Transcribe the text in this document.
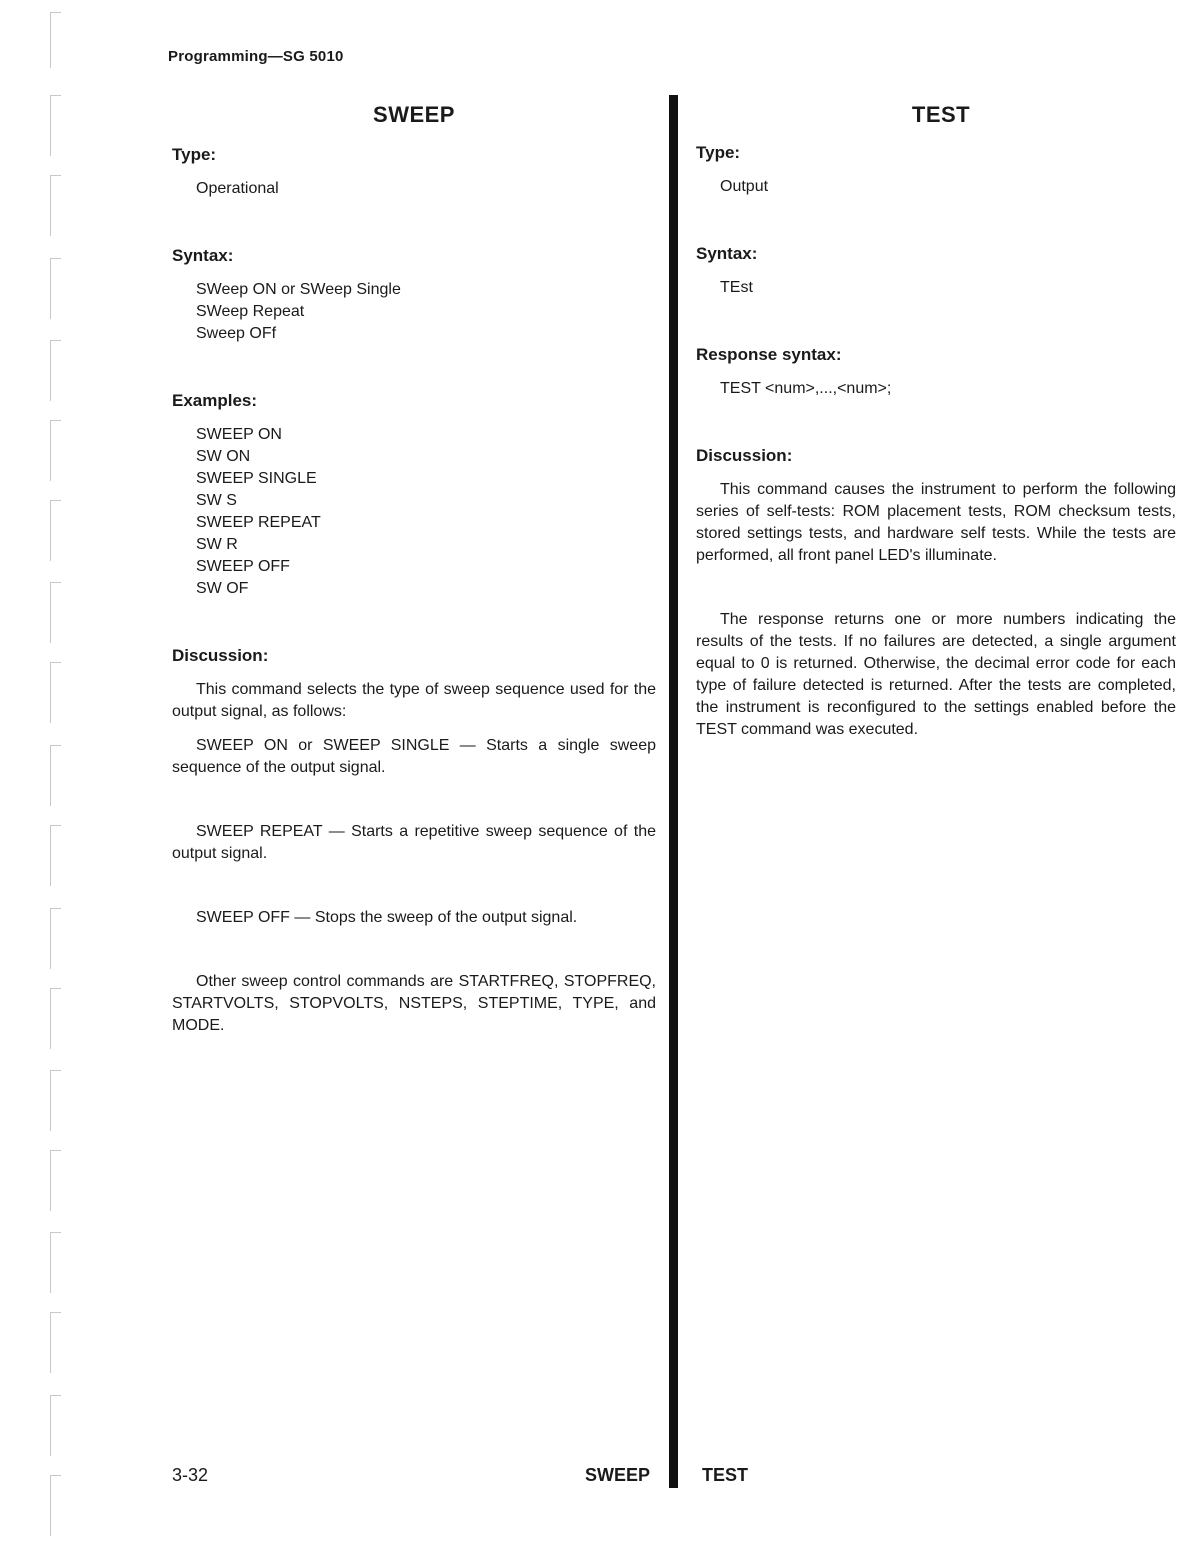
Programming—SG 5010
SWEEP
Type:

Operational

Syntax:

SWeep ON or SWeep Single

SWeep Repeat

Sweep OFf

Examples:

SWEEP ON

SW ON

SWEEP SINGLE

SW S

SWEEP REPEAT

SW R

SWEEP OFF

SW OF

Discussion:

This command selects the type of sweep sequence used for the output signal, as follows:

SWEEP ON or SWEEP SINGLE — Starts a single sweep sequence of the output signal.

SWEEP REPEAT — Starts a repetitive sweep sequence of the output signal.

SWEEP OFF — Stops the sweep of the output signal.

Other sweep control commands are STARTFREQ, STOPFREQ, STARTVOLTS, STOPVOLTS, NSTEPS, STEPTIME, TYPE, and MODE.

TEST
Type:

Output

Syntax:

TEst

Response syntax:

TEST <num>,...,<num>;

Discussion:

This command causes the instrument to perform the following series of self-tests: ROM placement tests, ROM checksum tests, stored settings tests, and hardware self tests. While the tests are performed, all front panel LED's illuminate.

The response returns one or more numbers indicating the results of the tests. If no failures are detected, a single argument equal to 0 is returned. Otherwise, the decimal error code for each type of failure detected is returned. After the tests are completed, the instrument is reconfigured to the settings enabled before the TEST command was executed.

3-32	SWEEP	TEST
